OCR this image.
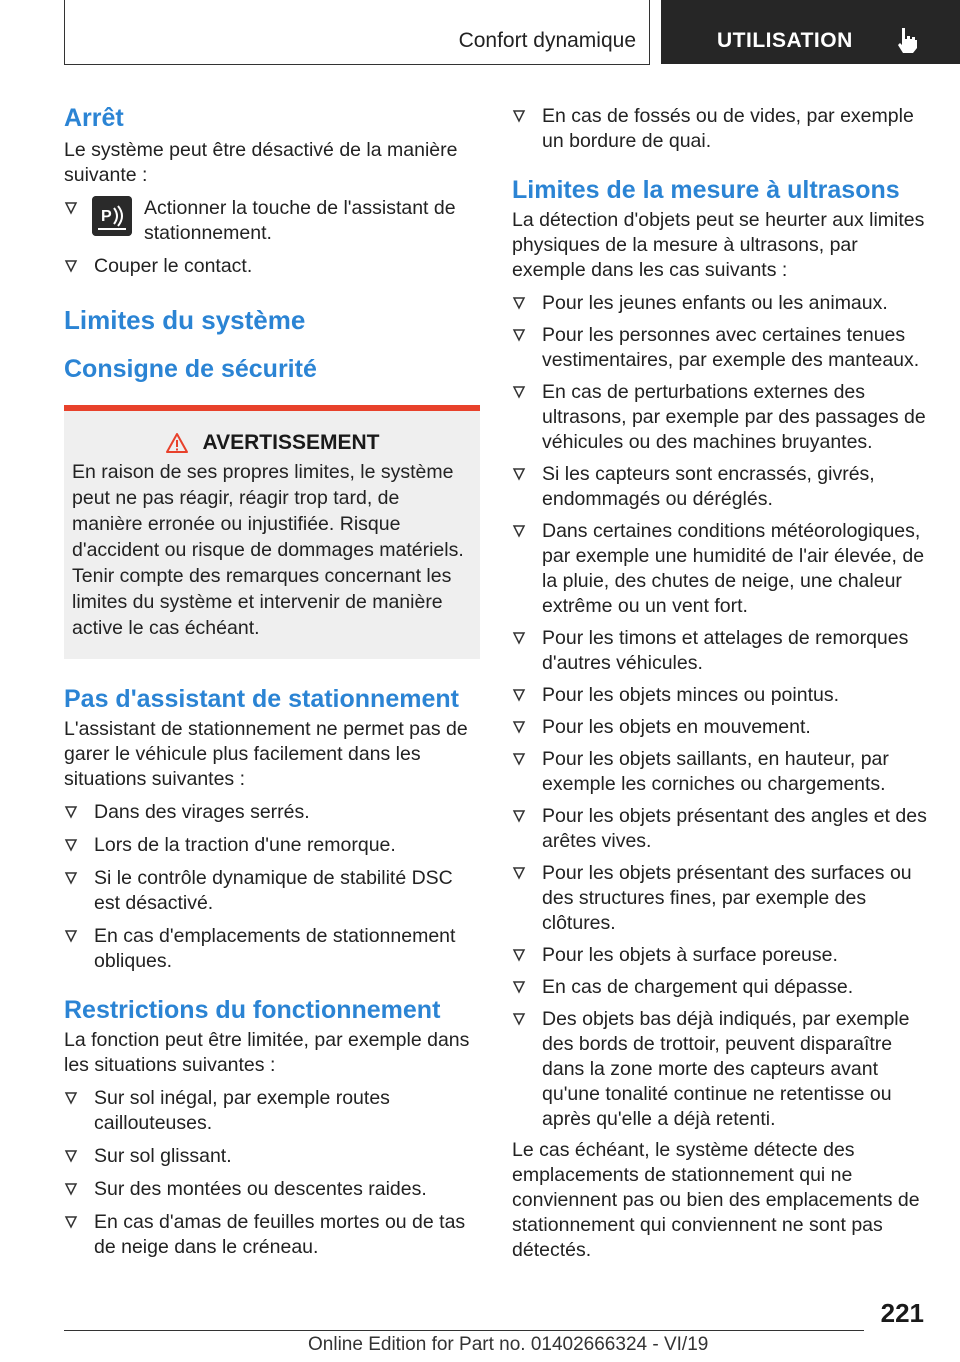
Confort dynamique	UTILISATION
Arrêt

Le système peut être désactivé de la manière suivante :

P Actionner la touche de l'assistant de stationnement.
Couper le contact.
Limites du système
Consigne de sécurité
AVERTISSEMENT

En raison de ses propres limites, le système peut ne pas réagir, réagir trop tard, de manière erronée ou injustifiée. Risque d'accident ou risque de dommages matériels. Tenir compte des remarques concernant les limites du système et intervenir de manière active le cas échéant.

Pas d'assistant de stationnement

L'assistant de stationnement ne permet pas de garer le véhicule plus facilement dans les situations suivantes :

Dans des virages serrés.
Lors de la traction d'une remorque.
Si le contrôle dynamique de stabilité DSC est désactivé.
En cas d'emplacements de stationnement obliques.
Restrictions du fonctionnement

La fonction peut être limitée, par exemple dans les situations suivantes :

Sur sol inégal, par exemple routes caillouteuses.
Sur sol glissant.
Sur des montées ou descentes raides.
En cas d'amas de feuilles mortes ou de tas de neige dans le créneau.
En cas de fossés ou de vides, par exemple un bordure de quai.
Limites de la mesure à ultrasons

La détection d'objets peut se heurter aux limites physiques de la mesure à ultrasons, par exemple dans les cas suivants :

Pour les jeunes enfants ou les animaux.
Pour les personnes avec certaines tenues vestimentaires, par exemple des manteaux.
En cas de perturbations externes des ultrasons, par exemple par des passages de véhicules ou des machines bruyantes.
Si les capteurs sont encrassés, givrés, endommagés ou déréglés.
Dans certaines conditions météorologiques, par exemple une humidité de l'air élevée, de la pluie, des chutes de neige, une chaleur extrême ou un vent fort.
Pour les timons et attelages de remorques d'autres véhicules.
Pour les objets minces ou pointus.
Pour les objets en mouvement.
Pour les objets saillants, en hauteur, par exemple les corniches ou chargements.
Pour les objets présentant des angles et des arêtes vives.
Pour les objets présentant des surfaces ou des structures fines, par exemple des clôtures.
Pour les objets à surface poreuse.
En cas de chargement qui dépasse.
Des objets bas déjà indiqués, par exemple des bords de trottoir, peuvent disparaître dans la zone morte des capteurs avant qu'une tonalité continue ne retentisse ou après qu'elle a déjà retenti.

Le cas échéant, le système détecte des emplacements de stationnement qui ne conviennent pas ou bien des emplacements de stationnement qui conviennent ne sont pas détectés.

221
Online Edition for Part no. 01402666324 - VI/19
